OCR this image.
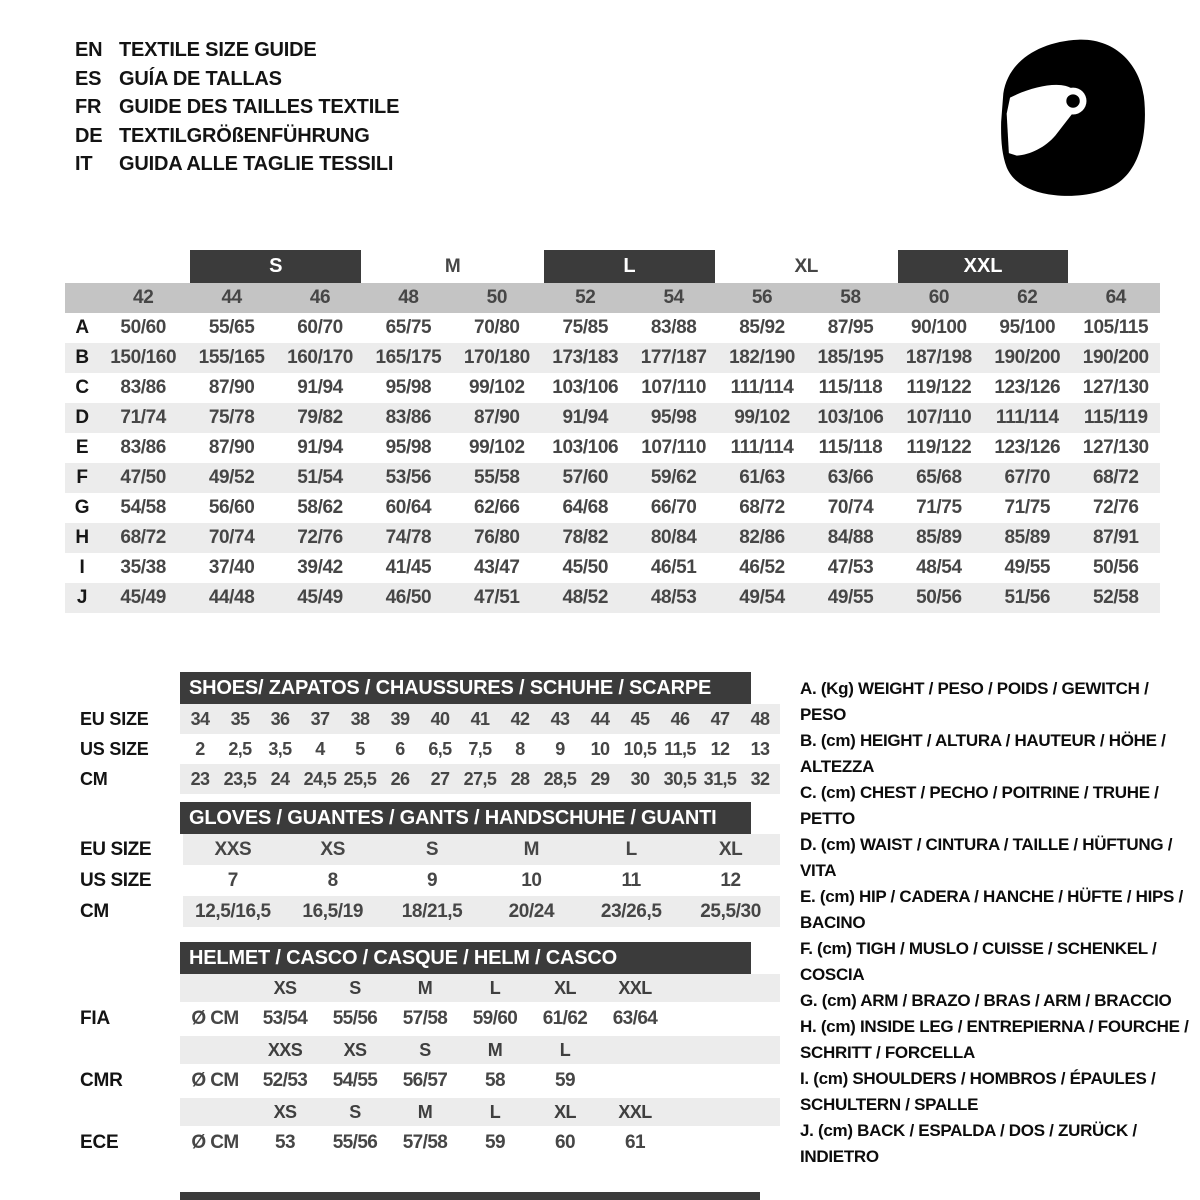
EN TEXTILE SIZE GUIDE
ES GUÍA DE TALLAS
FR GUIDE DES TAILLES TEXTILE
DE TEXTILGRÖßENFÜHRUNG
IT GUIDA ALLE TAGLIE TESSILI

		S		M		L		XL		XXL		

	42	44	46	48	50	52	54	56	58	60	62	64
A	50/60	55/65	60/70	65/75	70/80	75/85	83/88	85/92	87/95	90/100	95/100	105/115
B	150/160	155/165	160/170	165/175	170/180	173/183	177/187	182/190	185/195	187/198	190/200	190/200
C	83/86	87/90	91/94	95/98	99/102	103/106	107/110	111/114	115/118	119/122	123/126	127/130
D	71/74	75/78	79/82	83/86	87/90	91/94	95/98	99/102	103/106	107/110	111/114	115/119
E	83/86	87/90	91/94	95/98	99/102	103/106	107/110	111/114	115/118	119/122	123/126	127/130
F	47/50	49/52	51/54	53/56	55/58	57/60	59/62	61/63	63/66	65/68	67/70	68/72
G	54/58	56/60	58/62	60/64	62/66	64/68	66/70	68/72	70/74	71/75	71/75	72/76
H	68/72	70/74	72/76	74/78	76/80	78/82	80/84	82/86	84/88	85/89	85/89	87/91
I	35/38	37/40	39/42	41/45	43/47	45/50	46/51	46/52	47/53	48/54	49/55	50/56
J	45/49	44/48	45/49	46/50	47/51	48/52	48/53	49/54	49/55	50/56	51/56	52/58
SHOES/ ZAPATOS / CHAUSSURES / SCHUHE / SCARPE
EU SIZE	34	35	36	37	38	39	40	41	42	43	44	45	46	47	48
US SIZE	2	2,5	3,5	4	5	6	6,5	7,5	8	9	10	10,5	11,5	12	13
CM	23	23,5	24	24,5	25,5	26	27	27,5	28	28,5	29	30	30,5	31,5	32
GLOVES / GUANTES / GANTS / HANDSCHUHE / GUANTI
EU SIZE	XXS	XS	S	M	L	XL
US SIZE	7	8	9	10	11	12
CM	12,5/16,5	16,5/19	18/21,5	20/24	23/26,5	25,5/30
HELMET / CASCO / CASQUE / HELM / CASCO
		XS	S	M	L	XL	XXL	
FIA	Ø CM	53/54	55/56	57/58	59/60	61/62	63/64	
		XXS	XS	S	M	L		
CMR	Ø CM	52/53	54/55	56/57	58	59		
		XS	S	M	L	XL	XXL	
ECE	Ø CM	53	55/56	57/58	59	60	61	
A. (Kg) WEIGHT / PESO / POIDS / GEWITCH / PESO
B. (cm) HEIGHT / ALTURA / HAUTEUR / HÖHE / ALTEZZA
C. (cm) CHEST / PECHO / POITRINE / TRUHE / PETTO
D. (cm) WAIST / CINTURA / TAILLE / HÜFTUNG / VITA
E. (cm) HIP / CADERA / HANCHE / HÜFTE / HIPS / BACINO
F. (cm) TIGH / MUSLO / CUISSE / SCHENKEL / COSCIA
G. (cm) ARM / BRAZO / BRAS / ARM / BRACCIO
H. (cm) INSIDE LEG / ENTREPIERNA / FOURCHE / SCHRITT / FORCELLA
I. (cm) SHOULDERS / HOMBROS / ÉPAULES / SCHULTERN / SPALLE
J. (cm) BACK / ESPALDA / DOS / ZURÜCK / INDIETRO
